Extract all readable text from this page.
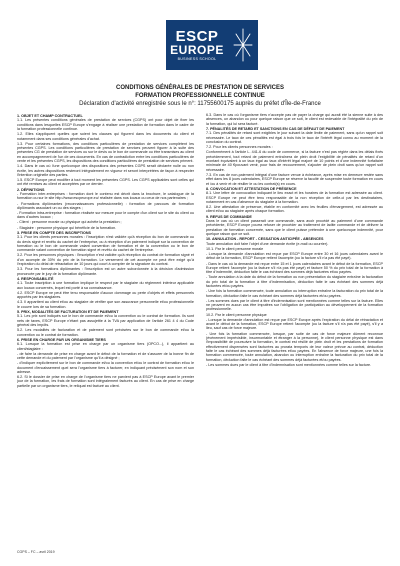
ESCP
EUROPE
BUSINESS SCHOOL
CONDITIONS GÉNÉRALES DE PRESTATION DE SERVICES
FORMATION PROFESSIONNELLE CONTINUE
Déclaration d'activité enregistrée sous le n°: 11755600175 auprès du préfet d'Île-de-France
1. OBJET ET CHAMP CONTRACTUEL

1.1. Les présentes conditions générales de prestation de services (CGPS) ont pour objet de fixer les conditions dans lesquelles ESCP Europe s'engage à réaliser une prestation de formation dans le cadre de la formation professionnelle continue.

1.2. Elles s'appliquent quelles que soient les clauses qui figurent dans les documents du client et notamment dans ses conditions générales d'achat.

1.3. Pour certaines formations, des conditions particulières de prestation de services complètent les présentes CGPS. Les conditions particulières de prestation de services peuvent figurer à la suite des présentes CG de prestation de services ou sur le devis ou le bon de commande ou être transmises au client en accompagnement de l'un de ces documents. En cas de contradiction entre les conditions particulières de vente et les présentes CGPS, les dispositions des conditions particulières de prestation de services priment.

1.4. Dans le cas où l'une quelconque des dispositions des présentes CGPS serait déclarée nulle ou non écrite, les autres dispositions resteront intégralement en vigueur et seront interprétées de façon à respecter l'intention originelle des parties.

1.5. ESCP Europe peut modifier à tout moment les présentes CGPS. Les CGPS applicables sont celles qui ont été remises au client et acceptées par ce dernier.

2. DÉFINITIONS

- Formation inter-entreprises : formation dont le contenu est décrit dans la brochure, le catalogue de la formation ou sur le site http://www.escpeurope.eu/ réalisée dans nos locaux ou ceux de nos partenaires ;

- Formations diplômantes (reconnaissances professionnelle) : formation de parcours de formation diplômants associant un ou des stages ;

- Formation intra-entreprise : formation réalisée sur mesure pour le compte d'un client sur le site du client ou dans d'autres locaux ;

- Client : personne morale ou physique qui achète la prestation ;

- Stagiaire : personne physique qui bénéficie de la formation.

3. PRISE EN COMPTE DES INSCRIPTIONS

3.1. Pour les clients personnes morales : l'inscription n'est validée qu'à réception du bon de commande ou du devis signé et revêtu du cachet de l'entreprise, ou à réception d'un paiement indiqué sur la convention de formation ou le bon de commande valant convention de formation et de la convention ou le bon de commande valant convention de formation signé et revêtu du cachet de l'entreprise.

3.2. Pour les personnes physiques : l'inscription n'est validée qu'à réception du contrat de formation signé et d'un acompte de 30% du prix de la formation. Le versement de cet acompte ne peut être exigé qu'à l'expiration du délai de rétractation de 10 jours qui court à compter de la signature du contrat.

3.3. Pour les formations diplômantes : l'inscription est un autre subordonnée à la décision d'admission prononcée par le jury de la formation diplômante.

4. RESPONSABILITÉ

4.1. Toute inscription à une formation implique le respect par le stagiaire du règlement intérieur applicable aux locaux concernés, lequel est porté à sa connaissance.

4.2. ESCP Europe ne peut être tenu responsable d'aucun dommage ou perte d'objets et effets personnels apportés par les stagiaires.

4.3. Il appartient au client et/ou au stagiaire de vérifier que son assurance personnelle et/ou professionnelle le couvre lors de sa formation.

5. PRIX, MODALITÉS DE FACTURATION ET DE PAIEMENT

5.1. Les prix sont indiqués sur le bon de commande et/ou la convention ou le contrat de formation. Ils sont nets de taxes, ESCP Europe n'étant pas assujettie à la TVA par application de l'article 261 4 4 du Code général des impôts.

5.2. Les modalités de facturation et de paiement sont précisées sur le bon de commande et/ou la convention ou le contrat de formation.

6. PRISE EN CHARGE PAR UN ORGANISME TIERS

6.1. Lorsque la formation est prise en charge par un organisme tiers (OPCO...), il appartient au client/stagiaire :

- de faire la demande de prise en charge avant le début de la formation et de s'assurer de la bonne fin de cette demande et du paiement par l'organisme qu'il a désigné ;

- d'indiquer explicitement sur le bon de commande et/ou la convention et/ou le contrat de formation et/ou le document d'encaissement quel sera l'organisme tiers à facturer, en indiquant précisément son nom et son adresse.

6.2. Si le dossier de prise en charge de l'organisme tiers ne parvient pas à ESCP Europe avant le premier jour de la formation, les frais de formation sont intégralement facturés au client. En cas de prise en charge partielle par un organisme tiers, le reliquat est facturé au client.

6.3. Dans le cas où l'organisme tiers n'accepte pas de payer la charge qui aurait été la sienne suite à des absences, un abandon ou pour quelque raison que ce soit, le client est redevable de l'intégralité du prix de la formation, qui lui sera facturé.

7. PÉNALITÉS DE RETARD ET SANCTIONS EN CAS DE DÉFAUT DE PAIEMENT

7.1. Des pénalités de retard sont exigibles le jour suivant la date limite de paiement, sans qu'un rappel soit nécessaire. Le taux de ces pénalités est égal à trois fois le taux de l'intérêt légal connu au moment de la conclusion du contrat.

7.2. Pour les clients personnes morales :

Conformément à l'article L. 441-6 du code de commerce, si la facture n'est pas réglée dans les délais fixés précédemment, tout retard de paiement entraînera de plein droit l'exigibilité de pénalités de retard d'un montant équivalent à un taux égal au taux d'intérêt légal majoré de 10 points et d'une indemnité forfaitaire minimale de 40 €pouvant venir, pour frais de recouvrement, s'ajouter de plein droit sans qu'un rappel soit nécessaire.

7.3. En cas de non-paiement intégral d'une facture venue à échéance, après mise en demeure restée sans effet dans les 8 jours calendaires, ESCP Europe se réserve la faculté de suspendre toute formation en cours et /ou à venir et de résilier le ou les contrat(s) en cours.

8. CONVOCATION ET ATTESTATION DE PRÉSENCE

8.1. Une lettre de convocation indiquant le lieu exact et les horaires de la formation est adressée au client. ESCP Europe ne peut être tenu responsable de la non réception de celle-ci par les destinataires, notamment en cas d'absence du stagiaire à la formation.

8.2. Une attestation de présence, établie en conformité avec les feuilles d'émargement, est adressée au client et/ou au stagiaire après chaque formation.

9. REFUS DE COMMANDE

Dans le cas où un client passerait une commande, sans avoir procédé au paiement d'une commande précédente, ESCP Europe pourra refuser de procéder au traitement de ladite commande et de délivrer la prestation de formation concernée, sans que le client puisse prétendre à une quelconque indemnité, pour quelque raison que ce soit.

10. ANNULATION - REPORT - CESSATION ANTICIPÉE - ABSENCES

Toute annulation doit faire l'objet d'une demande écrite (e-mail ou courrier).

10.1. Par le client personne morale

- Lorsque la demande d'annulation est reçue par ESCP Europe entre 30 et 16 jours calendaires avant le début de la formation, ESCP Europe retient l'acompte (ou la facture s'il n'a pas été payé).

- Dans le cas où la demande est reçue entre 15 et 1 jours calendaires avant le début de la formation, ESCP Europe retient l'acompte (ou la facture s'il n'a pas été payé) et facture 50 % du prix total de la formation à titre d'indemnité, déduction faite le cas échéant des sommes déjà facturées et/ou payées.

- Toute annulation à la date du début de la formation ou non présentation du stagiaire entraîne la facturation du prix total de la formation à titre d'indemnisation, déduction faite le cas échéant des sommes déjà facturées et/ou payées.

- Une fois la formation commencée, toute annulation ou interruption entraîne la facturation du prix total de la formation, déduction faite le cas échéant des sommes déjà facturées et/ou payées.

- Les sommes dues par le client à titre d'indemnisation sont mentionnées comme telles sur la facture. Elles ne peuvent en aucun cas être imputées sur l'obligation de participation au développement de la formation professionnelle.

10.2. Par le client personne physique

- Lorsque la demande d'annulation est reçue par ESCP Europe après l'expiration du délai de rétractation et avant le début de la formation, ESCP Europe retient l'acompte (ou la facture s'il n'a pas été payé), s'il y a lieu, sauf cas de force majeure.

- Une fois la formation commencée, lorsque, par suite de cas de force majeure dûment reconnue (événement imprévisible, insurmontable et étranger à la personne), le client personne physique est dans l'impossibilité de poursuivre la formation, le contrat est résilié de plein droit et les prestations de formation effectivement dispensées sont facturées au prorata temporis de leur valeur prévue au contrat, déduction faite le cas échéant des sommes déjà facturées et/ou payées. En l'absence de force majeure, une fois la formation commencée, toute annulation, abandon ou interruption entraîne la facturation du prix total de la formation, déduction faite le cas échéant des sommes déjà facturées et/ou payées.

- Les sommes dues par le client à titre d'indemnisation sont mentionnées comme telles sur la facture.

CGPS – FC – avril 2019
